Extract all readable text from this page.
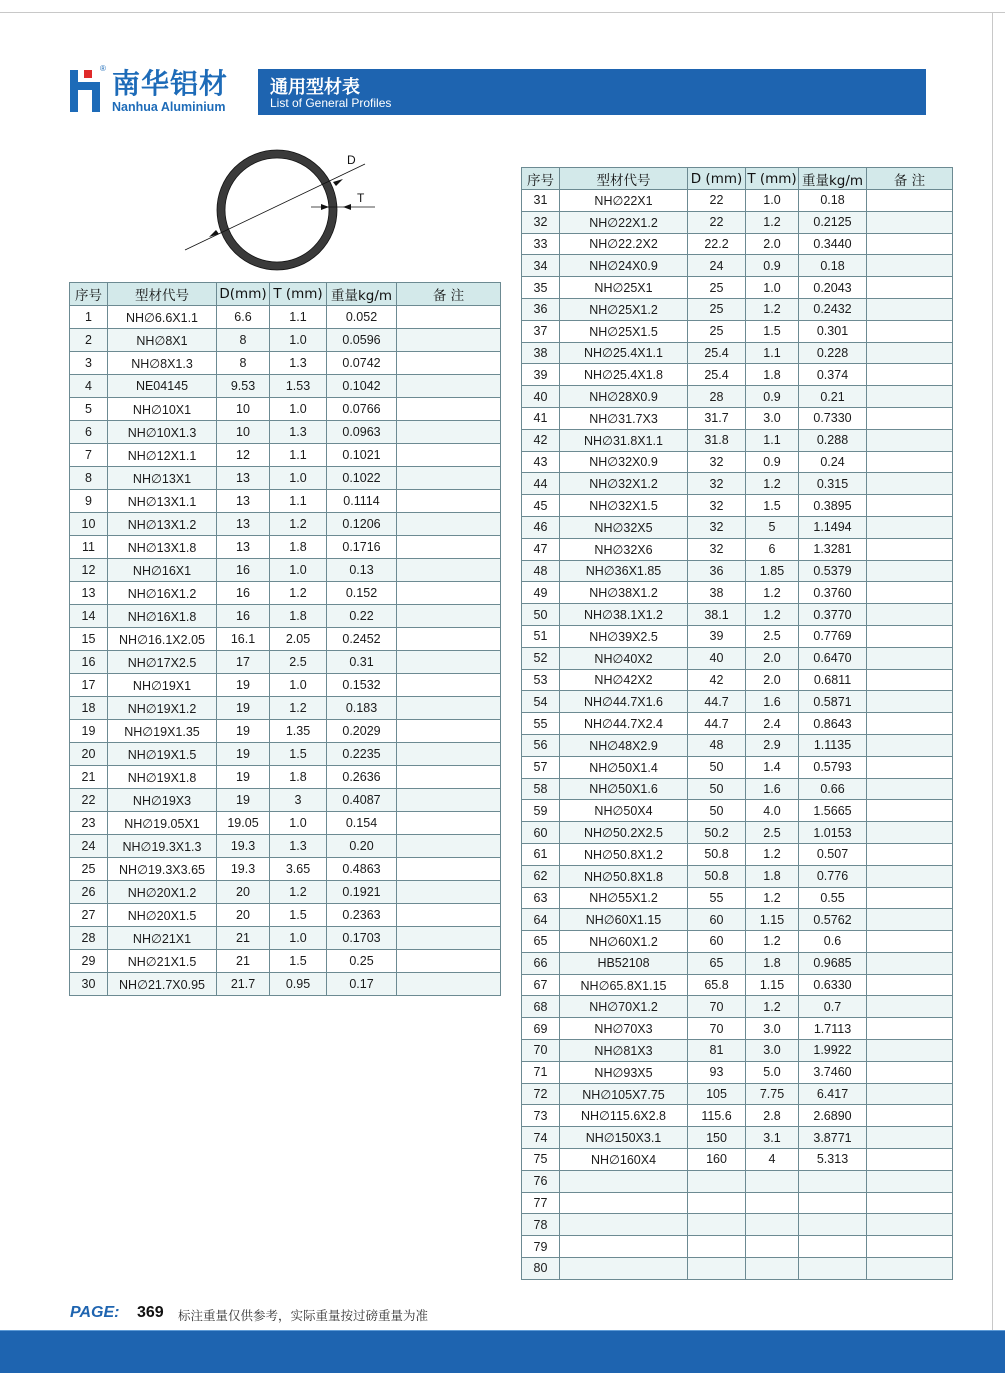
® 南华铝材
Nanhua Aluminium
通用型材表
List of General Profiles
D
T
序号	型材代号	D(mm)	T (mm)	重量kg/m	备 注
1	NH∅6.6X1.1	6.6	1.1	0.052	
2	NH∅8X1	8	1.0	0.0596	
3	NH∅8X1.3	8	1.3	0.0742	
4	NE04145	9.53	1.53	0.1042	
5	NH∅10X1	10	1.0	0.0766	
6	NH∅10X1.3	10	1.3	0.0963	
7	NH∅12X1.1	12	1.1	0.1021	
8	NH∅13X1	13	1.0	0.1022	
9	NH∅13X1.1	13	1.1	0.1114	
10	NH∅13X1.2	13	1.2	0.1206	
11	NH∅13X1.8	13	1.8	0.1716	
12	NH∅16X1	16	1.0	0.13	
13	NH∅16X1.2	16	1.2	0.152	
14	NH∅16X1.8	16	1.8	0.22	
15	NH∅16.1X2.05	16.1	2.05	0.2452	
16	NH∅17X2.5	17	2.5	0.31	
17	NH∅19X1	19	1.0	0.1532	
18	NH∅19X1.2	19	1.2	0.183	
19	NH∅19X1.35	19	1.35	0.2029	
20	NH∅19X1.5	19	1.5	0.2235	
21	NH∅19X1.8	19	1.8	0.2636	
22	NH∅19X3	19	3	0.4087	
23	NH∅19.05X1	19.05	1.0	0.154	
24	NH∅19.3X1.3	19.3	1.3	0.20	
25	NH∅19.3X3.65	19.3	3.65	0.4863	
26	NH∅20X1.2	20	1.2	0.1921	
27	NH∅20X1.5	20	1.5	0.2363	
28	NH∅21X1	21	1.0	0.1703	
29	NH∅21X1.5	21	1.5	0.25	
30	NH∅21.7X0.95	21.7	0.95	0.17	
序号	型材代号	D (mm)	T (mm)	重量kg/m	备 注
31	NH∅22X1	22	1.0	0.18	
32	NH∅22X1.2	22	1.2	0.2125	
33	NH∅22.2X2	22.2	2.0	0.3440	
34	NH∅24X0.9	24	0.9	0.18	
35	NH∅25X1	25	1.0	0.2043	
36	NH∅25X1.2	25	1.2	0.2432	
37	NH∅25X1.5	25	1.5	0.301	
38	NH∅25.4X1.1	25.4	1.1	0.228	
39	NH∅25.4X1.8	25.4	1.8	0.374	
40	NH∅28X0.9	28	0.9	0.21	
41	NH∅31.7X3	31.7	3.0	0.7330	
42	NH∅31.8X1.1	31.8	1.1	0.288	
43	NH∅32X0.9	32	0.9	0.24	
44	NH∅32X1.2	32	1.2	0.315	
45	NH∅32X1.5	32	1.5	0.3895	
46	NH∅32X5	32	5	1.1494	
47	NH∅32X6	32	6	1.3281	
48	NH∅36X1.85	36	1.85	0.5379	
49	NH∅38X1.2	38	1.2	0.3760	
50	NH∅38.1X1.2	38.1	1.2	0.3770	
51	NH∅39X2.5	39	2.5	0.7769	
52	NH∅40X2	40	2.0	0.6470	
53	NH∅42X2	42	2.0	0.6811	
54	NH∅44.7X1.6	44.7	1.6	0.5871	
55	NH∅44.7X2.4	44.7	2.4	0.8643	
56	NH∅48X2.9	48	2.9	1.1135	
57	NH∅50X1.4	50	1.4	0.5793	
58	NH∅50X1.6	50	1.6	0.66	
59	NH∅50X4	50	4.0	1.5665	
60	NH∅50.2X2.5	50.2	2.5	1.0153	
61	NH∅50.8X1.2	50.8	1.2	0.507	
62	NH∅50.8X1.8	50.8	1.8	0.776	
63	NH∅55X1.2	55	1.2	0.55	
64	NH∅60X1.15	60	1.15	0.5762	
65	NH∅60X1.2	60	1.2	0.6	
66	HB52108	65	1.8	0.9685	
67	NH∅65.8X1.15	65.8	1.15	0.6330	
68	NH∅70X1.2	70	1.2	0.7	
69	NH∅70X3	70	3.0	1.7113	
70	NH∅81X3	81	3.0	1.9922	
71	NH∅93X5	93	5.0	3.7460	
72	NH∅105X7.75	105	7.75	6.417	
73	NH∅115.6X2.8	115.6	2.8	2.6890	
74	NH∅150X3.1	150	3.1	3.8771	
75	NH∅160X4	160	4	5.313	
76					
77					
78					
79					
80					
PAGE: 369 标注重量仅供参考，实际重量按过磅重量为准
